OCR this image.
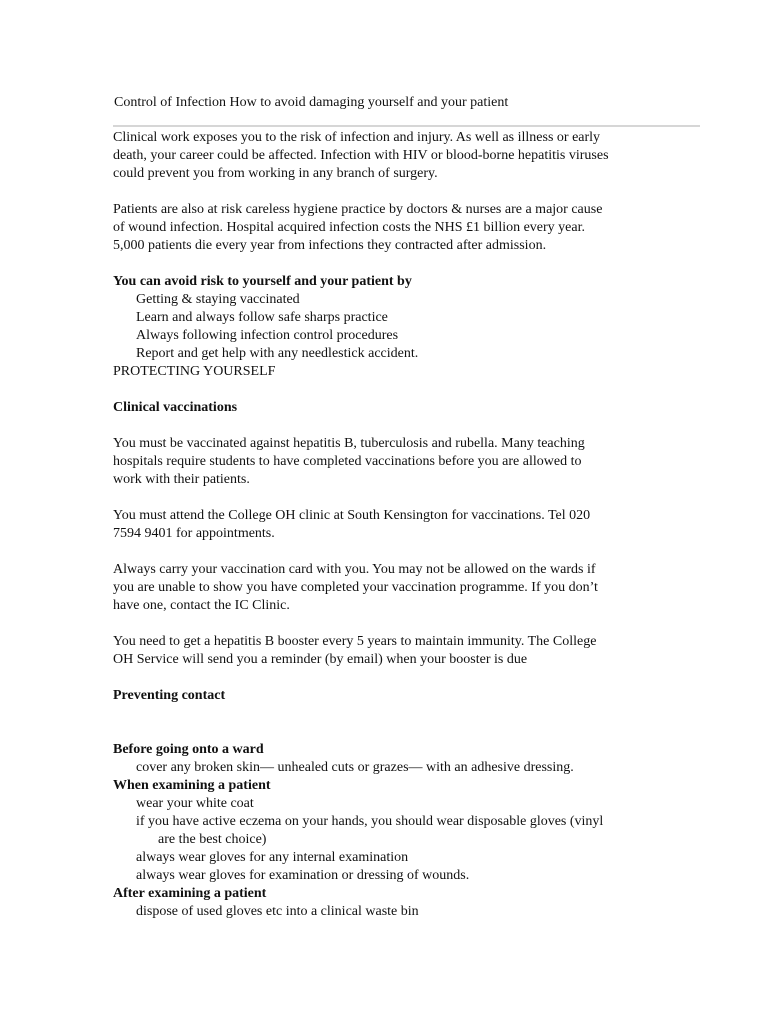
Control of Infection How to avoid damaging yourself and your patient

Clinical work exposes you to the risk of infection and injury. As well as illness or early

death, your career could be affected. Infection with HIV or blood-borne hepatitis viruses

could prevent you from working in any branch of surgery.

Patients are also at risk careless hygiene practice by doctors & nurses are a major cause

of wound infection. Hospital acquired infection costs the NHS £1 billion every year.

5,000 patients die every year from infections they contracted after admission.

You can avoid risk to yourself and your patient by

Getting & staying vaccinated

Learn and always follow safe sharps practice

Always following infection control procedures

Report and get help with any needlestick accident.

PROTECTING YOURSELF

Clinical vaccinations

You must be vaccinated against hepatitis B, tuberculosis and rubella. Many teaching

hospitals require students to have completed vaccinations before you are allowed to

work with their patients.

You must attend the College OH clinic at South Kensington for vaccinations. Tel 020

7594 9401 for appointments.

Always carry your vaccination card with you. You may not be allowed on the wards if

you are unable to show you have completed your vaccination programme. If you don’t

have one, contact the IC Clinic.

You need to get a hepatitis B booster every 5 years to maintain immunity. The College

OH Service will send you a reminder (by email) when your booster is due

Preventing contact

Before going onto a ward

cover any broken skin— unhealed cuts or grazes— with an adhesive dressing.

When examining a patient

wear your white coat

if you have active eczema on your hands, you should wear disposable gloves (vinyl

are the best choice)

always wear gloves for any internal examination

always wear gloves for examination or dressing of wounds.

After examining a patient

dispose of used gloves etc into a clinical waste bin
